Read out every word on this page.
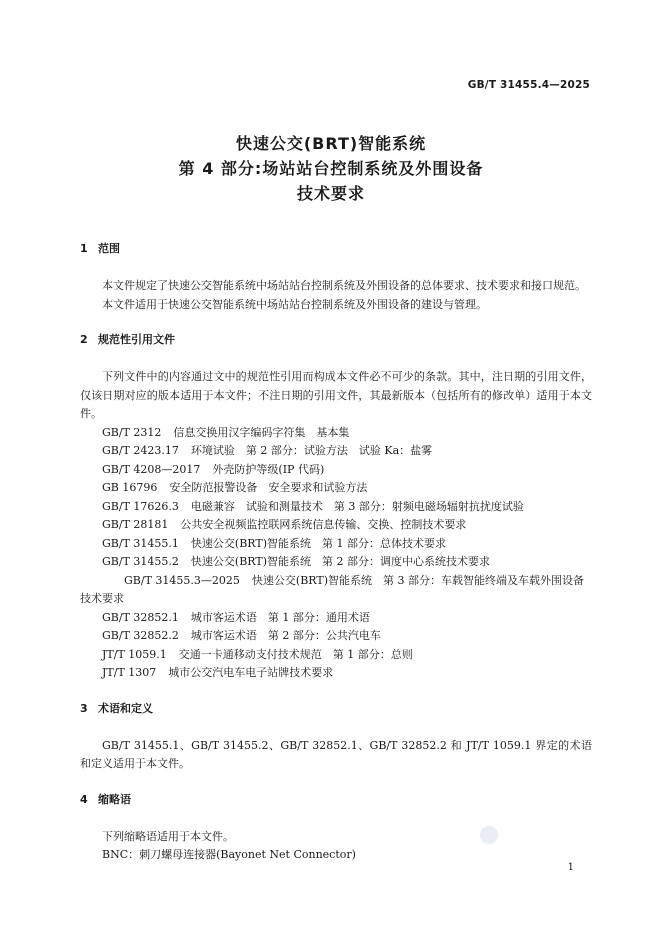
GB/T 31455.4—2025
快速公交(BRT)智能系统
第 4 部分:场站站台控制系统及外围设备
技术要求
1 范围
本文件规定了快速公交智能系统中场站站台控制系统及外围设备的总体要求、技术要求和接口规范。
本文件适用于快速公交智能系统中场站站台控制系统及外围设备的建设与管理。
2 规范性引用文件
下列文件中的内容通过文中的规范性引用而构成本文件必不可少的条款。其中，注日期的引用文件，仅该日期对应的版本适用于本文件；不注日期的引用文件，其最新版本（包括所有的修改单）适用于本文件。
GB/T 2312 信息交换用汉字编码字符集　基本集
GB/T 2423.17 环境试验　第 2 部分：试验方法　试验 Ka：盐雾
GB/T 4208—2017 外壳防护等级(IP 代码)
GB 16796 安全防范报警设备　安全要求和试验方法
GB/T 17626.3 电磁兼容　试验和测量技术　第 3 部分：射频电磁场辐射抗扰度试验
GB/T 28181 公共安全视频监控联网系统信息传输、交换、控制技术要求
GB/T 31455.1 快速公交(BRT)智能系统　第 1 部分：总体技术要求
GB/T 31455.2 快速公交(BRT)智能系统　第 2 部分：调度中心系统技术要求
GB/T 31455.3—2025 快速公交(BRT)智能系统　第 3 部分：车载智能终端及车载外围设备技术要求
GB/T 32852.1 城市客运术语　第 1 部分：通用术语
GB/T 32852.2 城市客运术语　第 2 部分：公共汽电车
JT/T 1059.1 交通一卡通移动支付技术规范　第 1 部分：总则
JT/T 1307 城市公交汽电车电子站牌技术要求
3 术语和定义
GB/T 31455.1、GB/T 31455.2、GB/T 32852.1、GB/T 32852.2 和 JT/T 1059.1 界定的术语和定义适用于本文件。
4 缩略语
下列缩略语适用于本文件。
BNC：刺刀螺母连接器(Bayonet Net Connector)
1
